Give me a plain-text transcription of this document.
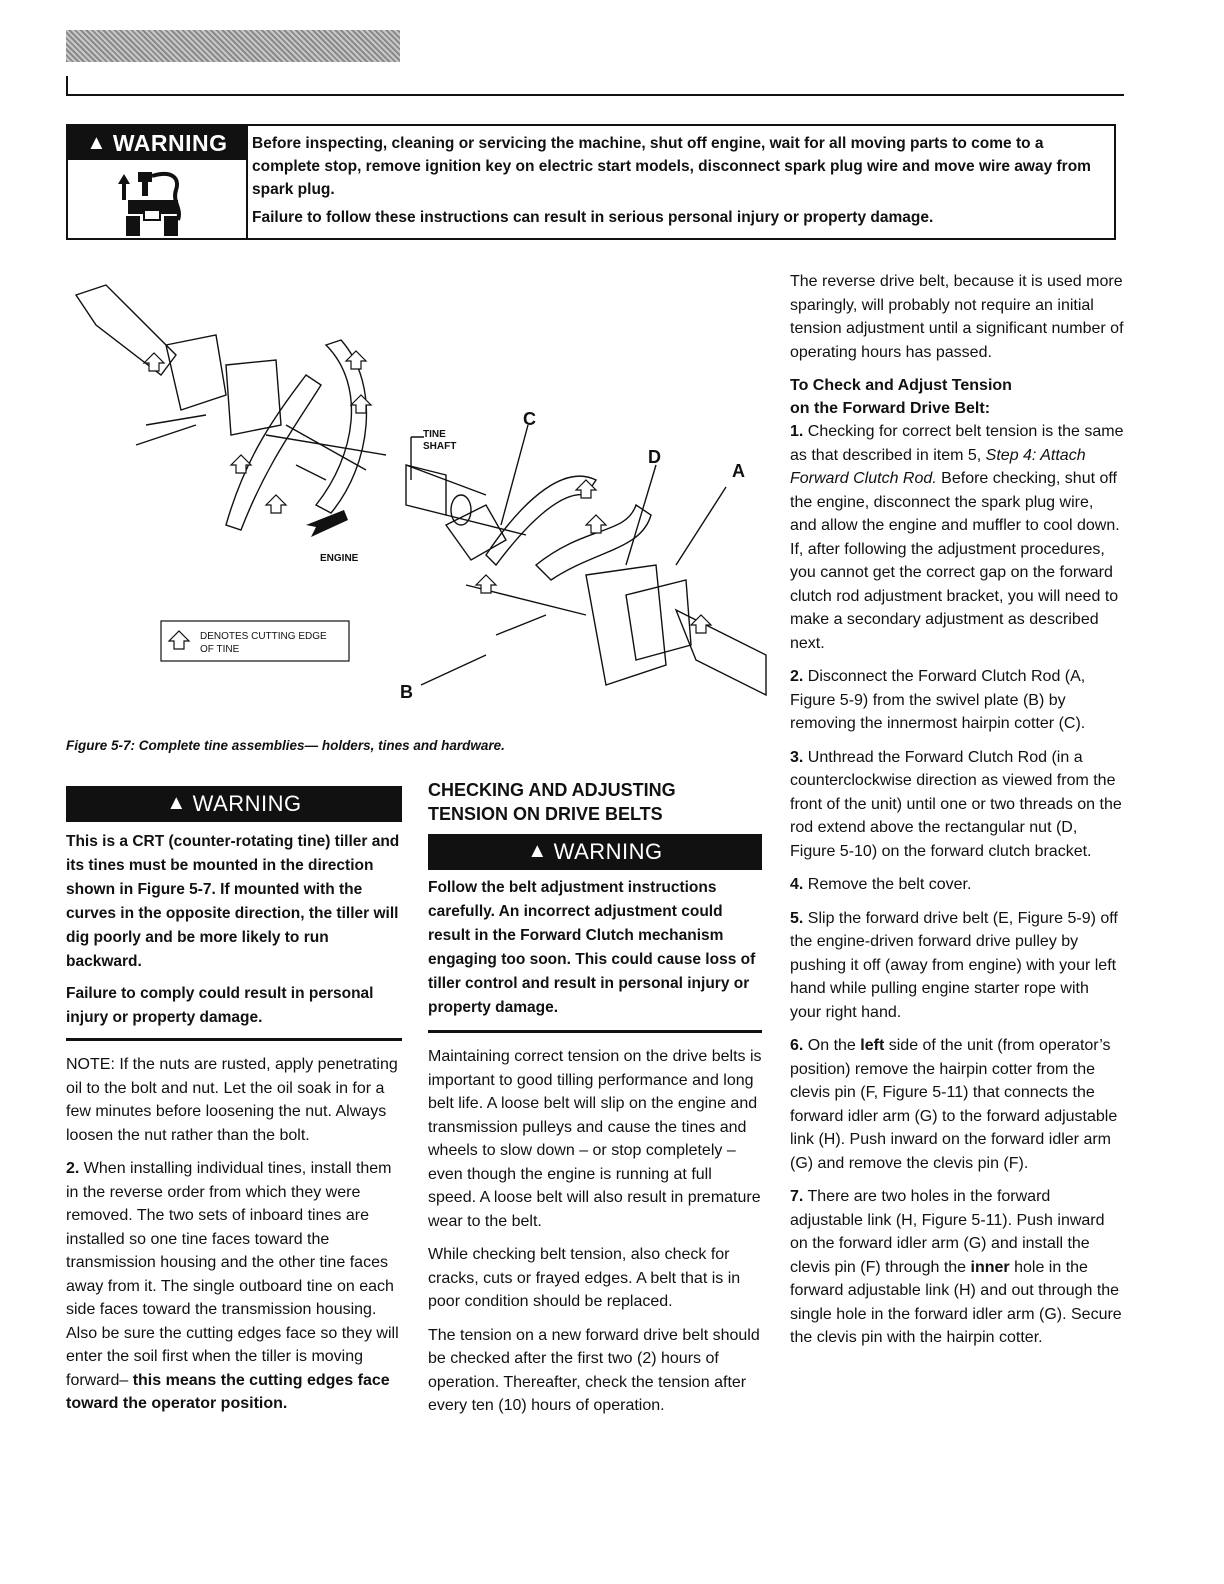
▲ WARNING Before inspecting, cleaning or servicing the machine, shut off engine, wait for all moving parts to come to a complete stop, remove ignition key on electric start models, disconnect spark plug wire and move wire away from spark plug.

Failure to follow these instructions can result in serious personal injury or property damage.

DENOTES CUTTING EDGE
OF TINE
TINE
SHAFT
ENGINE
C
D
A
B
Figure 5-7: Complete tine assemblies— holders, tines and hardware.
▲ WARNING

This is a CRT (counter-rotating tine) tiller and its tines must be mounted in the direction shown in Figure 5-7. If mounted with the curves in the opposite direction, the tiller will dig poorly and be more likely to run backward.

Failure to comply could result in personal injury or property damage.

NOTE: If the nuts are rusted, apply penetrating oil to the bolt and nut. Let the oil soak in for a few minutes before loosening the nut. Always loosen the nut rather than the bolt.

2. When installing individual tines, install them in the reverse order from which they were removed. The two sets of inboard tines are installed so one tine faces toward the transmission housing and the other tine faces away from it. The single outboard tine on each side faces toward the transmission housing. Also be sure the cutting edges face so they will enter the soil first when the tiller is moving forward– this means the cutting edges face toward the operator position.

CHECKING AND ADJUSTING
TENSION ON DRIVE BELTS
▲ WARNING

Follow the belt adjustment instructions carefully. An incorrect adjustment could result in the Forward Clutch mechanism engaging too soon. This could cause loss of tiller control and result in personal injury or property damage.

Maintaining correct tension on the drive belts is important to good tilling performance and long belt life. A loose belt will slip on the engine and transmission pulleys and cause the tines and wheels to slow down – or stop completely – even though the engine is running at full speed. A loose belt will also result in premature wear to the belt.

While checking belt tension, also check for cracks, cuts or frayed edges. A belt that is in poor condition should be replaced.

The tension on a new forward drive belt should be checked after the first two (2) hours of operation. Thereafter, check the tension after every ten (10) hours of operation.

The reverse drive belt, because it is used more sparingly, will probably not require an initial tension adjustment until a significant number of operating hours has passed.

To Check and Adjust Tension
on the Forward Drive Belt:

1. Checking for correct belt tension is the same as that described in item 5, Step 4: Attach Forward Clutch Rod. Before checking, shut off the engine, disconnect the spark plug wire, and allow the engine and muffler to cool down. If, after following the adjustment procedures, you cannot get the correct gap on the forward clutch rod adjustment bracket, you will need to make a secondary adjustment as described next.

2. Disconnect the Forward Clutch Rod (A, Figure 5-9) from the swivel plate (B) by removing the innermost hairpin cotter (C).

3. Unthread the Forward Clutch Rod (in a counterclockwise direction as viewed from the front of the unit) until one or two threads on the rod extend above the rectangular nut (D, Figure 5-10) on the forward clutch bracket.

4. Remove the belt cover.

5. Slip the forward drive belt (E, Figure 5-9) off the engine-driven forward drive pulley by pushing it off (away from engine) with your left hand while pulling engine starter rope with your right hand.

6. On the left side of the unit (from operator’s position) remove the hairpin cotter from the clevis pin (F, Figure 5-11) that connects the forward idler arm (G) to the forward adjustable link (H). Push inward on the forward idler arm (G) and remove the clevis pin (F).

7. There are two holes in the forward adjustable link (H, Figure 5-11). Push inward on the forward idler arm (G) and install the clevis pin (F) through the inner hole in the forward adjustable link (H) and out through the single hole in the forward idler arm (G). Secure the clevis pin with the hairpin cotter.
